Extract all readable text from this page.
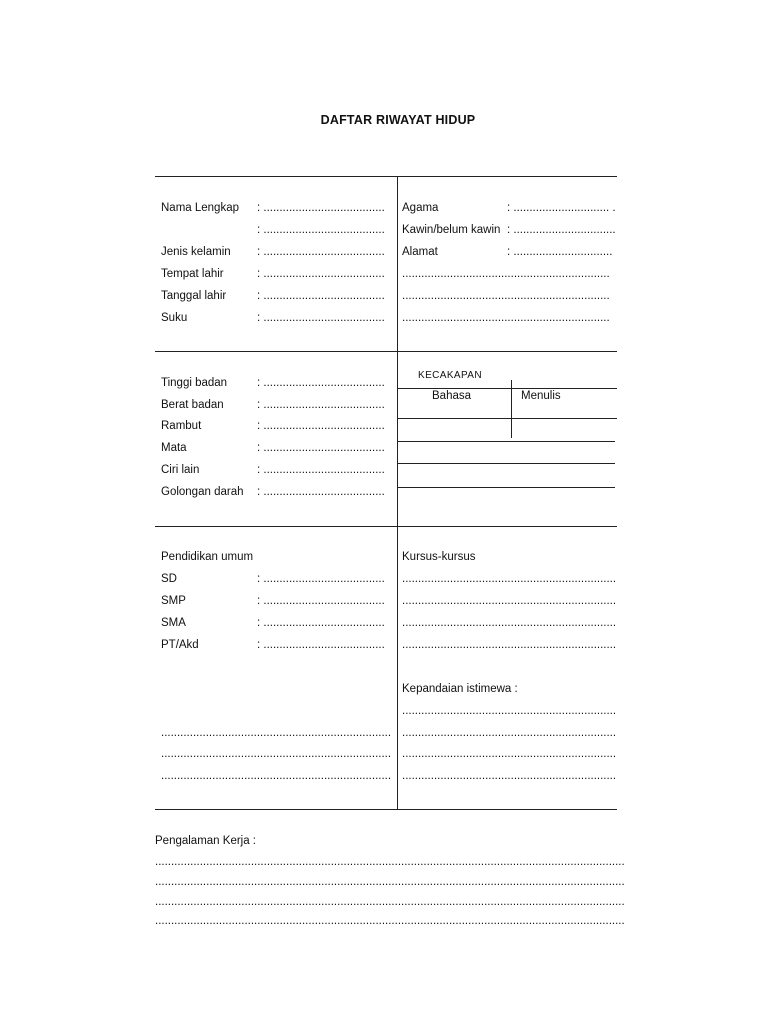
DAFTAR RIWAYAT HIDUP
Nama Lengkap : ......................................
: ......................................
Jenis kelamin : ......................................
Tempat lahir	: ......................................
Tanggal lahir	: ......................................
Suku	: ......................................
Agama	: .............................. .
Kawin/belum kawin : ................................
Alamat	: ...............................
.................................................................
.................................................................
.................................................................
Tinggi badan	: ......................................
Berat badan	: ......................................
Rambut	: ......................................
Mata	: ......................................
Ciri lain	: ......................................
Golongan darah : ......................................
KECAKAPAN
Bahasa	Menulis
Pendidikan umum
SD	: ......................................
SMP	: ......................................
SMA	: ......................................
PT/Akd	: ......................................
........................................................................
........................................................................
........................................................................
Kursus-kursus
...................................................................
...................................................................
...................................................................
...................................................................
Kepandaian istimewa :
...................................................................
...................................................................
...................................................................
...................................................................
Pengalaman Kerja :
...................................................................................................................................................
...................................................................................................................................................
...................................................................................................................................................
...................................................................................................................................................
